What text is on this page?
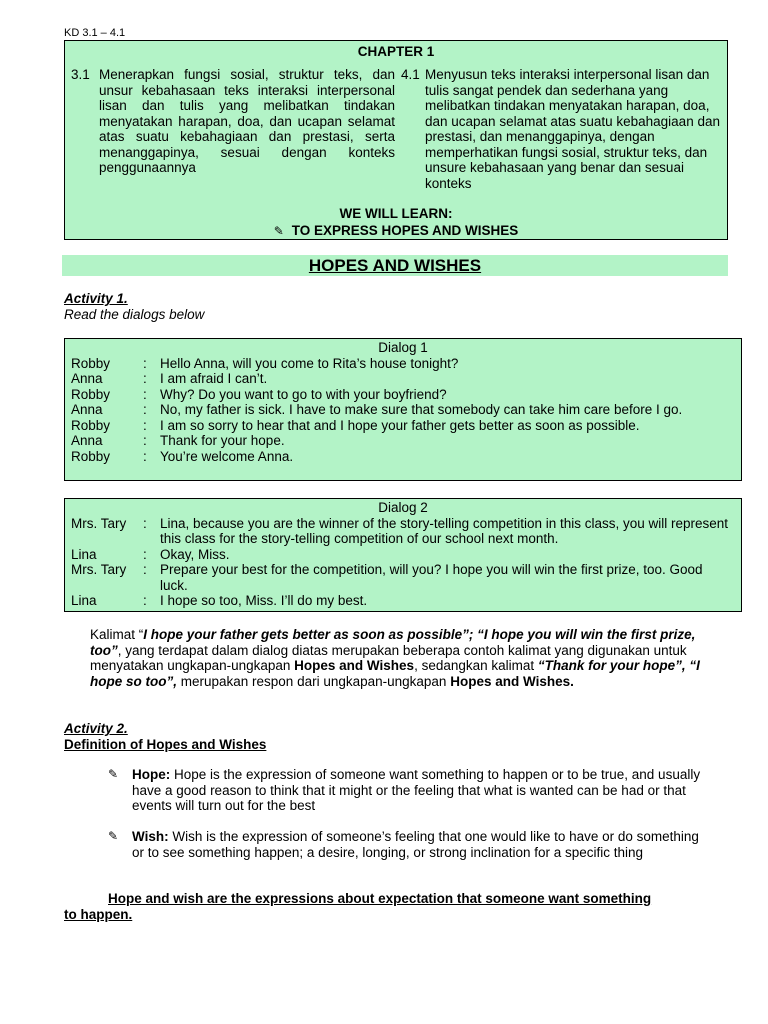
KD 3.1 – 4.1
CHAPTER 1
3.1 Menerapkan fungsi sosial, struktur teks, dan unsur kebahasaan teks interaksi interpersonal lisan dan tulis yang melibatkan tindakan menyatakan harapan, doa, dan ucapan selamat atas suatu kebahagiaan dan prestasi, serta menanggapinya, sesuai dengan konteks penggunaannya
4.1 Menyusun teks interaksi interpersonal lisan dan tulis sangat pendek dan sederhana yang melibatkan tindakan menyatakan harapan, doa, dan ucapan selamat atas suatu kebahagiaan dan prestasi, dan menanggapinya, dengan memperhatikan fungsi sosial, struktur teks, dan unsure kebahasaan yang benar dan sesuai konteks
WE WILL LEARN:
✎ TO EXPRESS HOPES AND WISHES
HOPES AND WISHES
Activity 1.
Read the dialogs below
Dialog 1
Robby : Hello Anna, will you come to Rita’s house tonight?
Anna	: I am afraid I can’t.
Robby : Why? Do you want to go to with your boyfriend?
Anna	: No, my father is sick. I have to make sure that somebody can take him care before I go.
Robby : I am so sorry to hear that and I hope your father gets better as soon as possible.
Anna	: Thank for your hope.
Robby : You’re welcome Anna.
Dialog 2
Mrs. Tary	: Lina, because you are the winner of the story-telling competition in this class, you will represent this class for the story-telling competition of our school next month.
Lina	: Okay, Miss.
Mrs. Tary	: Prepare your best for the competition, will you? I hope you will win the first prize, too. Good luck.
Lina	: I hope so too, Miss. I’ll do my best.
Kalimat “I hope your father gets better as soon as possible”; “I hope you will win the first prize, too”, yang terdapat dalam dialog diatas merupakan beberapa contoh kalimat yang digunakan untuk menyatakan ungkapan-ungkapan Hopes and Wishes, sedangkan kalimat “Thank for your hope”, “I hope so too”, merupakan respon dari ungkapan-ungkapan Hopes and Wishes.
Activity 2.
Definition of Hopes and Wishes
✎ Hope: Hope is the expression of someone want something to happen or to be true, and usually have a good reason to think that it might or the feeling that what is wanted can be had or that events will turn out for the best
✎ Wish: Wish is the expression of someone’s feeling that one would like to have or do something or to see something happen; a desire, longing, or strong inclination for a specific thing
Hope and wish are the expressions about expectation that someone want something to happen.
